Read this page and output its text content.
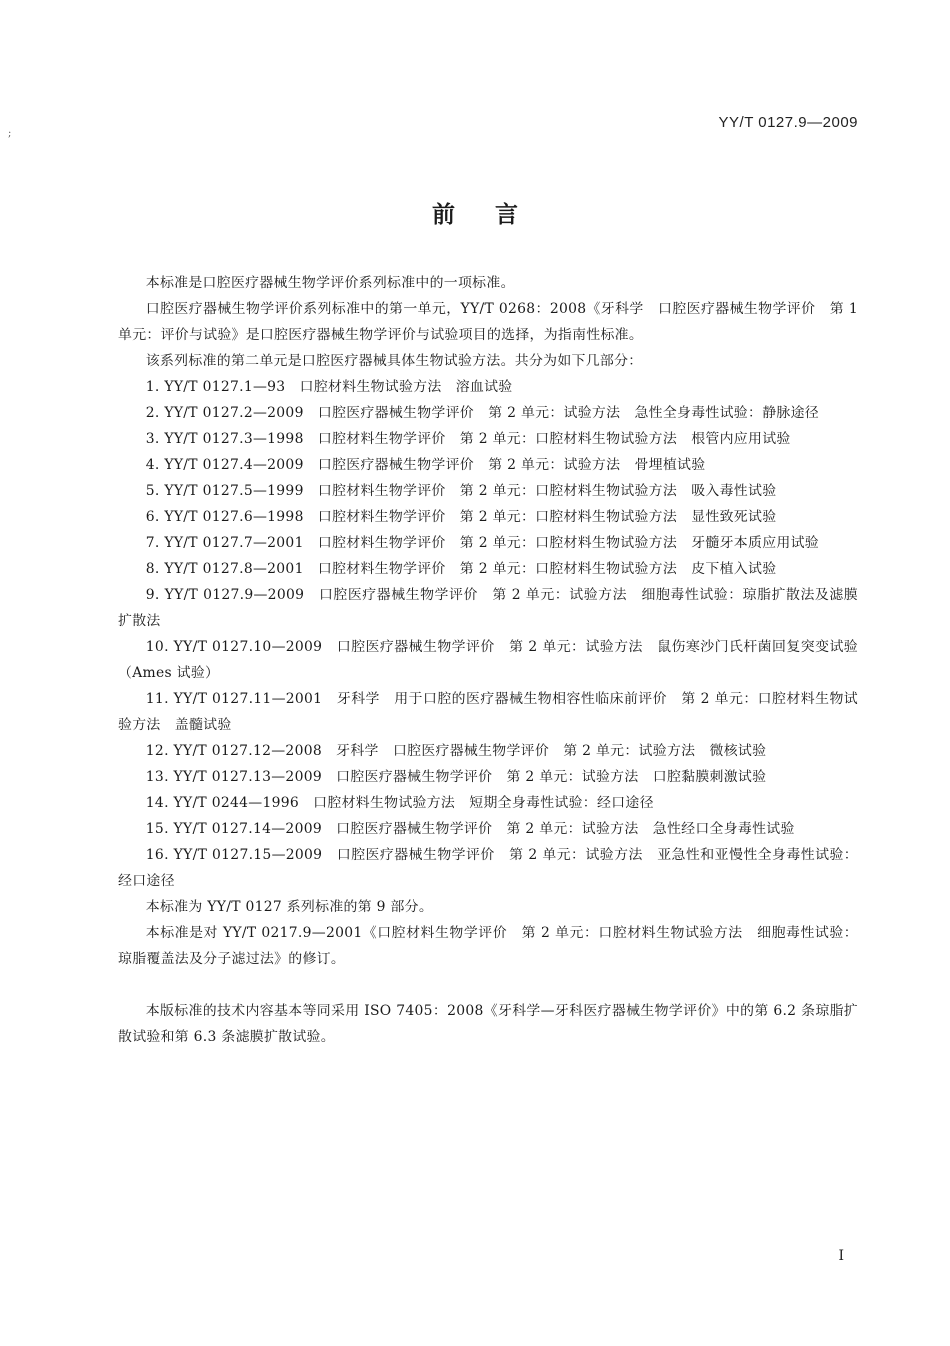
;
YY/T 0127.9—2009
前言

本标准是口腔医疗器械生物学评价系列标准中的一项标准。

口腔医疗器械生物学评价系列标准中的第一单元，YY/T 0268：2008《牙科学　口腔医疗器械生物学评价　第 1 单元：评价与试验》是口腔医疗器械生物学评价与试验项目的选择，为指南性标准。

该系列标准的第二单元是口腔医疗器械具体生物试验方法。共分为如下几部分：

1. YY/T 0127.1—93　口腔材料生物试验方法　溶血试验

2. YY/T 0127.2—2009　口腔医疗器械生物学评价　第 2 单元：试验方法　急性全身毒性试验：静脉途径

3. YY/T 0127.3—1998　口腔材料生物学评价　第 2 单元：口腔材料生物试验方法　根管内应用试验

4. YY/T 0127.4—2009　口腔医疗器械生物学评价　第 2 单元：试验方法　骨埋植试验

5. YY/T 0127.5—1999　口腔材料生物学评价　第 2 单元：口腔材料生物试验方法　吸入毒性试验

6. YY/T 0127.6—1998　口腔材料生物学评价　第 2 单元：口腔材料生物试验方法　显性致死试验

7. YY/T 0127.7—2001　口腔材料生物学评价　第 2 单元：口腔材料生物试验方法　牙髓牙本质应用试验

8. YY/T 0127.8—2001　口腔材料生物学评价　第 2 单元：口腔材料生物试验方法　皮下植入试验

9. YY/T 0127.9—2009　口腔医疗器械生物学评价　第 2 单元：试验方法　细胞毒性试验：琼脂扩散法及滤膜扩散法

10. YY/T 0127.10—2009　口腔医疗器械生物学评价　第 2 单元：试验方法　鼠伤寒沙门氏杆菌回复突变试验（Ames 试验）

11. YY/T 0127.11—2001　牙科学　用于口腔的医疗器械生物相容性临床前评价　第 2 单元：口腔材料生物试验方法　盖髓试验

12. YY/T 0127.12—2008　牙科学　口腔医疗器械生物学评价　第 2 单元：试验方法　微核试验

13. YY/T 0127.13—2009　口腔医疗器械生物学评价　第 2 单元：试验方法　口腔黏膜刺激试验

14. YY/T 0244—1996　口腔材料生物试验方法　短期全身毒性试验：经口途径

15. YY/T 0127.14—2009　口腔医疗器械生物学评价　第 2 单元：试验方法　急性经口全身毒性试验

16. YY/T 0127.15—2009　口腔医疗器械生物学评价　第 2 单元：试验方法　亚急性和亚慢性全身毒性试验：经口途径

本标准为 YY/T 0127 系列标准的第 9 部分。

本标准是对 YY/T 0217.9—2001《口腔材料生物学评价　第 2 单元：口腔材料生物试验方法　细胞毒性试验：琼脂覆盖法及分子滤过法》的修订。

本版标准的技术内容基本等同采用 ISO 7405：2008《牙科学—牙科医疗器械生物学评价》中的第 6.2 条琼脂扩散试验和第 6.3 条滤膜扩散试验。

I
